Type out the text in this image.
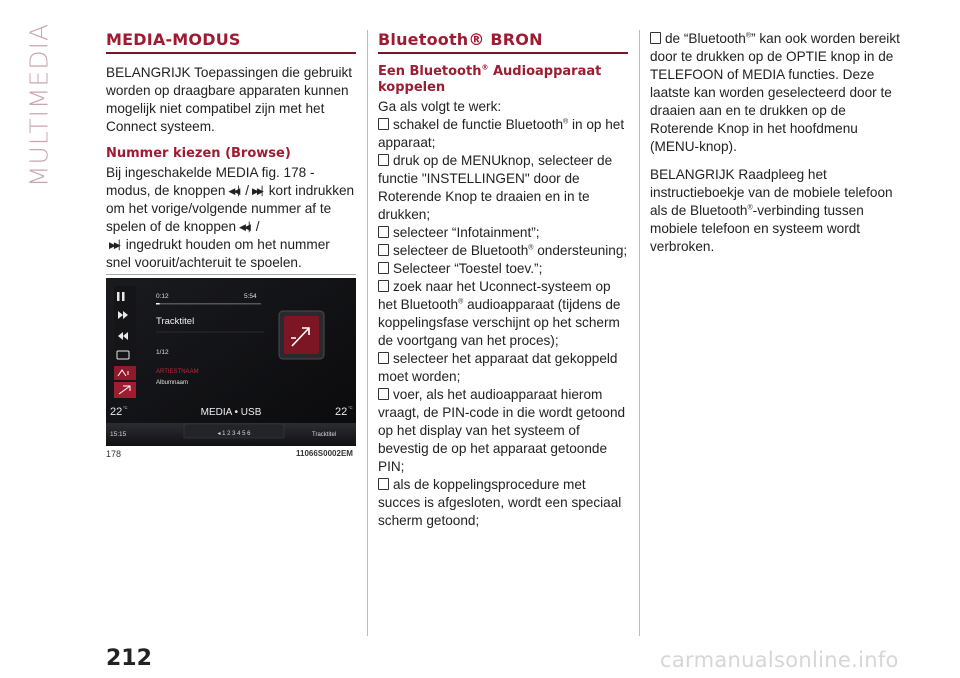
MULTIMEDIA	MEDIA-MODUS

BELANGRIJK Toepassingen die gebruikt worden op draagbare apparaten kunnen mogelijk niet compatibel zijn met het Connect systeem.

Nummer kiezen (Browse)

Bij ingeschakelde MEDIA fig. 178 -modus, de knoppen ◀◀▏ / ▶▶▏ kort indrukken om het vorige/volgende nummer af te spelen of de knoppen ◀◀▏ /
▶▶▏ ingedrukt houden om het nummer snel vooruit/achteruit te spoelen.

0:12	5:54
Tracktitel
1/12
ARTIESTNAAM
Albumnaam
22 °C	22 °C
MEDIA • USB
15:15	◂ 1 2 3 4 5 6	Tracktitel
178	11066S0002EM
Bluetooth® BRON
Een Bluetooth® Audioapparaat koppelen

Ga als volgt te werk:

schakel de functie Bluetooth® in op het apparaat;
druk op de MENUknop, selecteer de functie "INSTELLINGEN" door de Roterende Knop te draaien en in te drukken;
selecteer “Infotainment”;
selecteer de Bluetooth® ondersteuning;
Selecteer “Toestel toev.”;
zoek naar het Uconnect-systeem op het Bluetooth® audioapparaat (tijdens de koppelingsfase verschijnt op het scherm de voortgang van het proces);
selecteer het apparaat dat gekoppeld moet worden;
voer, als het audioapparaat hierom vraagt, de PIN-code in die wordt getoond op het display van het systeem of bevestig de op het apparaat getoonde PIN;
als de koppelingsprocedure met succes is afgesloten, wordt een speciaal scherm getoond;
de “Bluetooth®” kan ook worden bereikt door te drukken op de OPTIE knop in de TELEFOON of MEDIA functies. Deze laatste kan worden geselecteerd door te draaien aan en te drukken op de Roterende Knop in het hoofdmenu (MENU-knop).

BELANGRIJK Raadpleeg het instructieboekje van de mobiele telefoon als de Bluetooth®-verbinding tussen mobiele telefoon en systeem wordt verbroken.

212	carmanualsonline.info
